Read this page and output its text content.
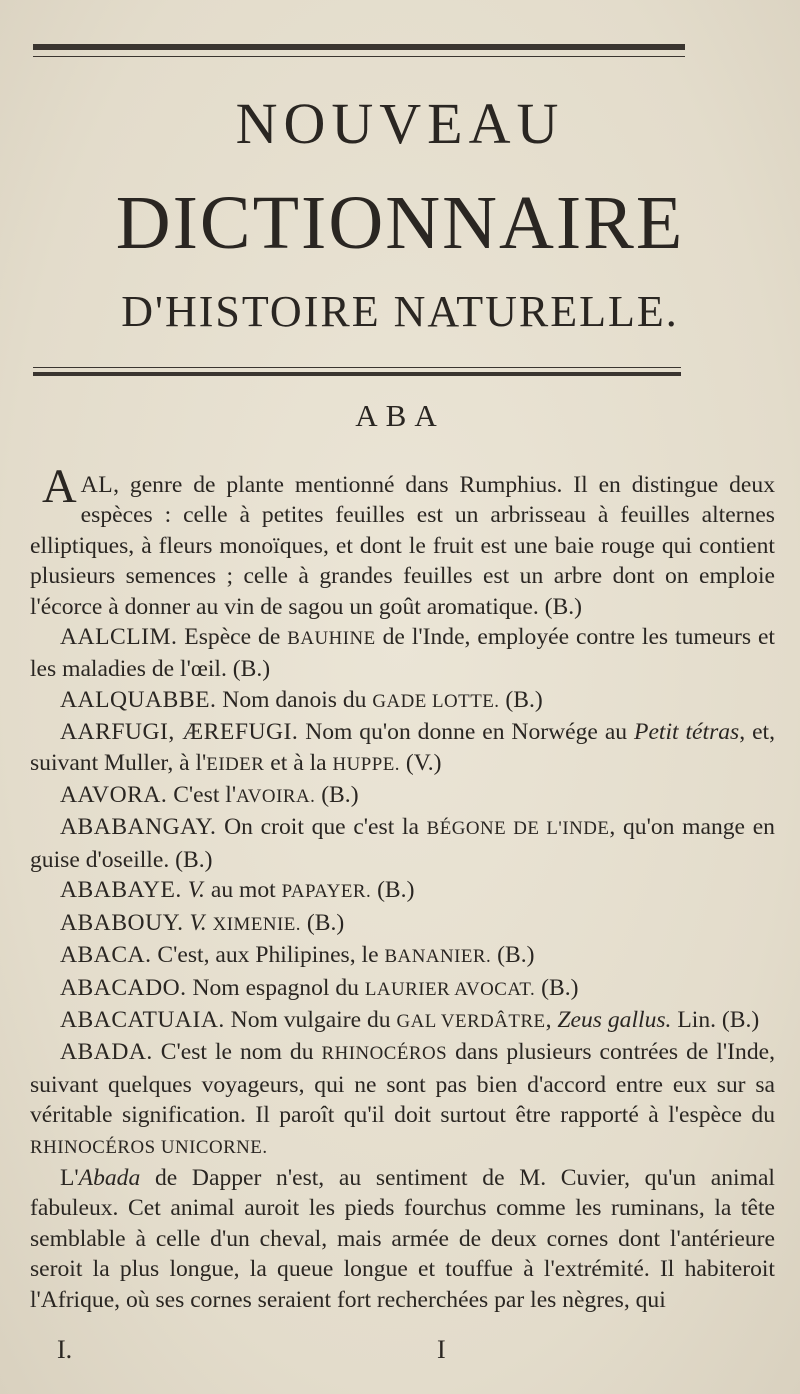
NOUVEAU
DICTIONNAIRE
D'HISTOIRE NATURELLE.
ABA

AAL, genre de plante mentionné dans Rumphius. Il en distingue deux espèces : celle à petites feuilles est un arbrisseau à feuilles alternes elliptiques, à fleurs monoïques, et dont le fruit est une baie rouge qui contient plusieurs semences ; celle à grandes feuilles est un arbre dont on emploie l'écorce à donner au vin de sagou un goût aromatique. (B.)

AALCLIM. Espèce de BAUHINE de l'Inde, employée contre les tumeurs et les maladies de l'œil. (B.)

AALQUABBE. Nom danois du GADE LOTTE. (B.)

AARFUGI, ÆREFUGI. Nom qu'on donne en Norwége au Petit tétras, et, suivant Muller, à l'EIDER et à la HUPPE. (V.)

AAVORA. C'est l'AVOIRA. (B.)

ABABANGAY. On croit que c'est la BÉGONE DE L'INDE, qu'on mange en guise d'oseille. (B.)

ABABAYE. V. au mot PAPAYER. (B.)

ABABOUY. V. XIMENIE. (B.)

ABACA. C'est, aux Philipines, le BANANIER. (B.)

ABACADO. Nom espagnol du LAURIER AVOCAT. (B.)

ABACATUAIA. Nom vulgaire du GAL VERDÂTRE, Zeus gallus. Lin. (B.)

ABADA. C'est le nom du RHINOCÉROS dans plusieurs contrées de l'Inde, suivant quelques voyageurs, qui ne sont pas bien d'accord entre eux sur sa véritable signification. Il paroît qu'il doit surtout être rapporté à l'espèce du RHINOCÉROS UNICORNE.

L'Abada de Dapper n'est, au sentiment de M. Cuvier, qu'un animal fabuleux. Cet animal auroit les pieds fourchus comme les ruminans, la tête semblable à celle d'un cheval, mais armée de deux cornes dont l'antérieure seroit la plus longue, la queue longue et touffue à l'extrémité. Il habiteroit l'Afrique, où ses cornes seraient fort recherchées par les nègres, qui

I.	I
